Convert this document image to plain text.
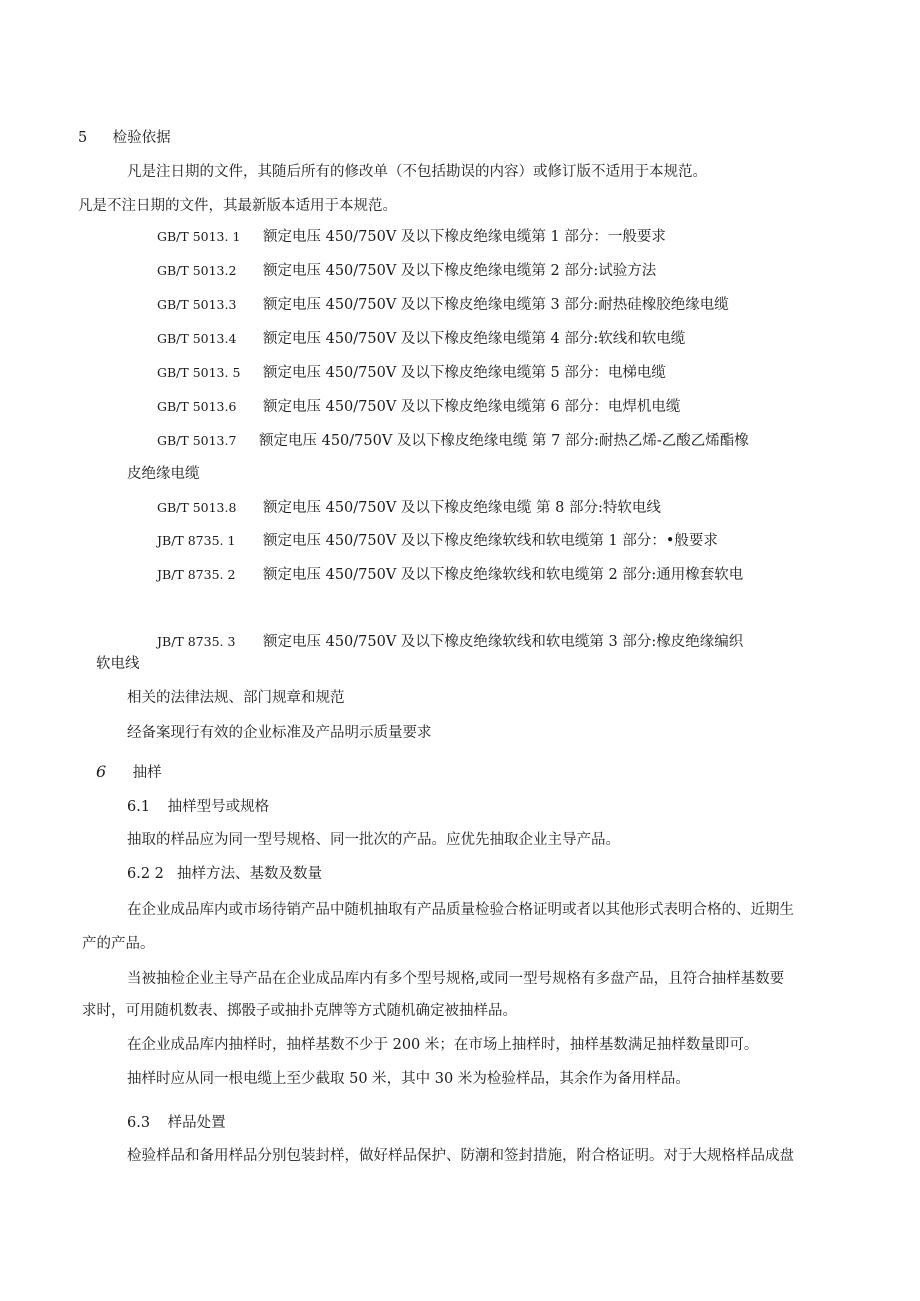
5 检验依据
凡是注日期的文件，其随后所有的修改单（不包括勘误的内容）或修订版不适用于本规范。
凡是不注日期的文件，其最新版本适用于本规范。
GB/T 5013. 1 额定电压 450/750V 及以下橡皮绝缘电缆第 1 部分：一般要求
GB/T 5013.2 额定电压 450/750V 及以下橡皮绝缘电缆第 2 部分:试验方法
GB/T 5013.3 额定电压 450/750V 及以下橡皮绝缘电缆第 3 部分:耐热硅橡胶绝缘电缆
GB/T 5013.4 额定电压 450/750V 及以下橡皮绝缘电缆第 4 部分:软线和软电缆
GB/T 5013. 5 额定电压 450/750V 及以下橡皮绝缘电缆第 5 部分：电梯电缆
GB/T 5013.6 额定电压 450/750V 及以下橡皮绝缘电缆第 6 部分：电焊机电缆
GB/T 5013.7 额定电压 450/750V 及以下橡皮绝缘电缆 第 7 部分:耐热乙烯-乙酸乙烯酯橡
皮绝缘电缆
GB/T 5013.8 额定电压 450/750V 及以下橡皮绝缘电缆 第 8 部分:特软电线
JB/T 8735. 1 额定电压 450/750V 及以下橡皮绝缘软线和软电缆第 1 部分：•般要求
JB/T 8735. 2 额定电压 450/750V 及以下橡皮绝缘软线和软电缆第 2 部分:通用橡套软电
JB/T 8735. 3 额定电压 450/750V 及以下橡皮绝缘软线和软电缆第 3 部分:橡皮绝缘编织
软电线
相关的法律法规、部门规章和规范
经备案现行有效的企业标准及产品明示质量要求
6 抽样
6.1 抽样型号或规格
抽取的样品应为同一型号规格、同一批次的产品。应优先抽取企业主导产品。
6.2 2 抽样方法、基数及数量
在企业成品库内或市场待销产品中随机抽取有产品质量检验合格证明或者以其他形式表明合格的、近期生
产的产品。
当被抽检企业主导产品在企业成品库内有多个型号规格,或同一型号规格有多盘产品，且符合抽样基数要
求时，可用随机数表、掷骰子或抽扑克牌等方式随机确定被抽样品。
在企业成品库内抽样时，抽样基数不少于 200 米；在市场上抽样时，抽样基数满足抽样数量即可。
抽样时应从同一根电缆上至少截取 50 米，其中 30 米为检验样品，其余作为备用样品。
6.3 样品处置
检验样品和备用样品分别包装封样，做好样品保护、防潮和签封措施，附合格证明。对于大规格样品成盘
